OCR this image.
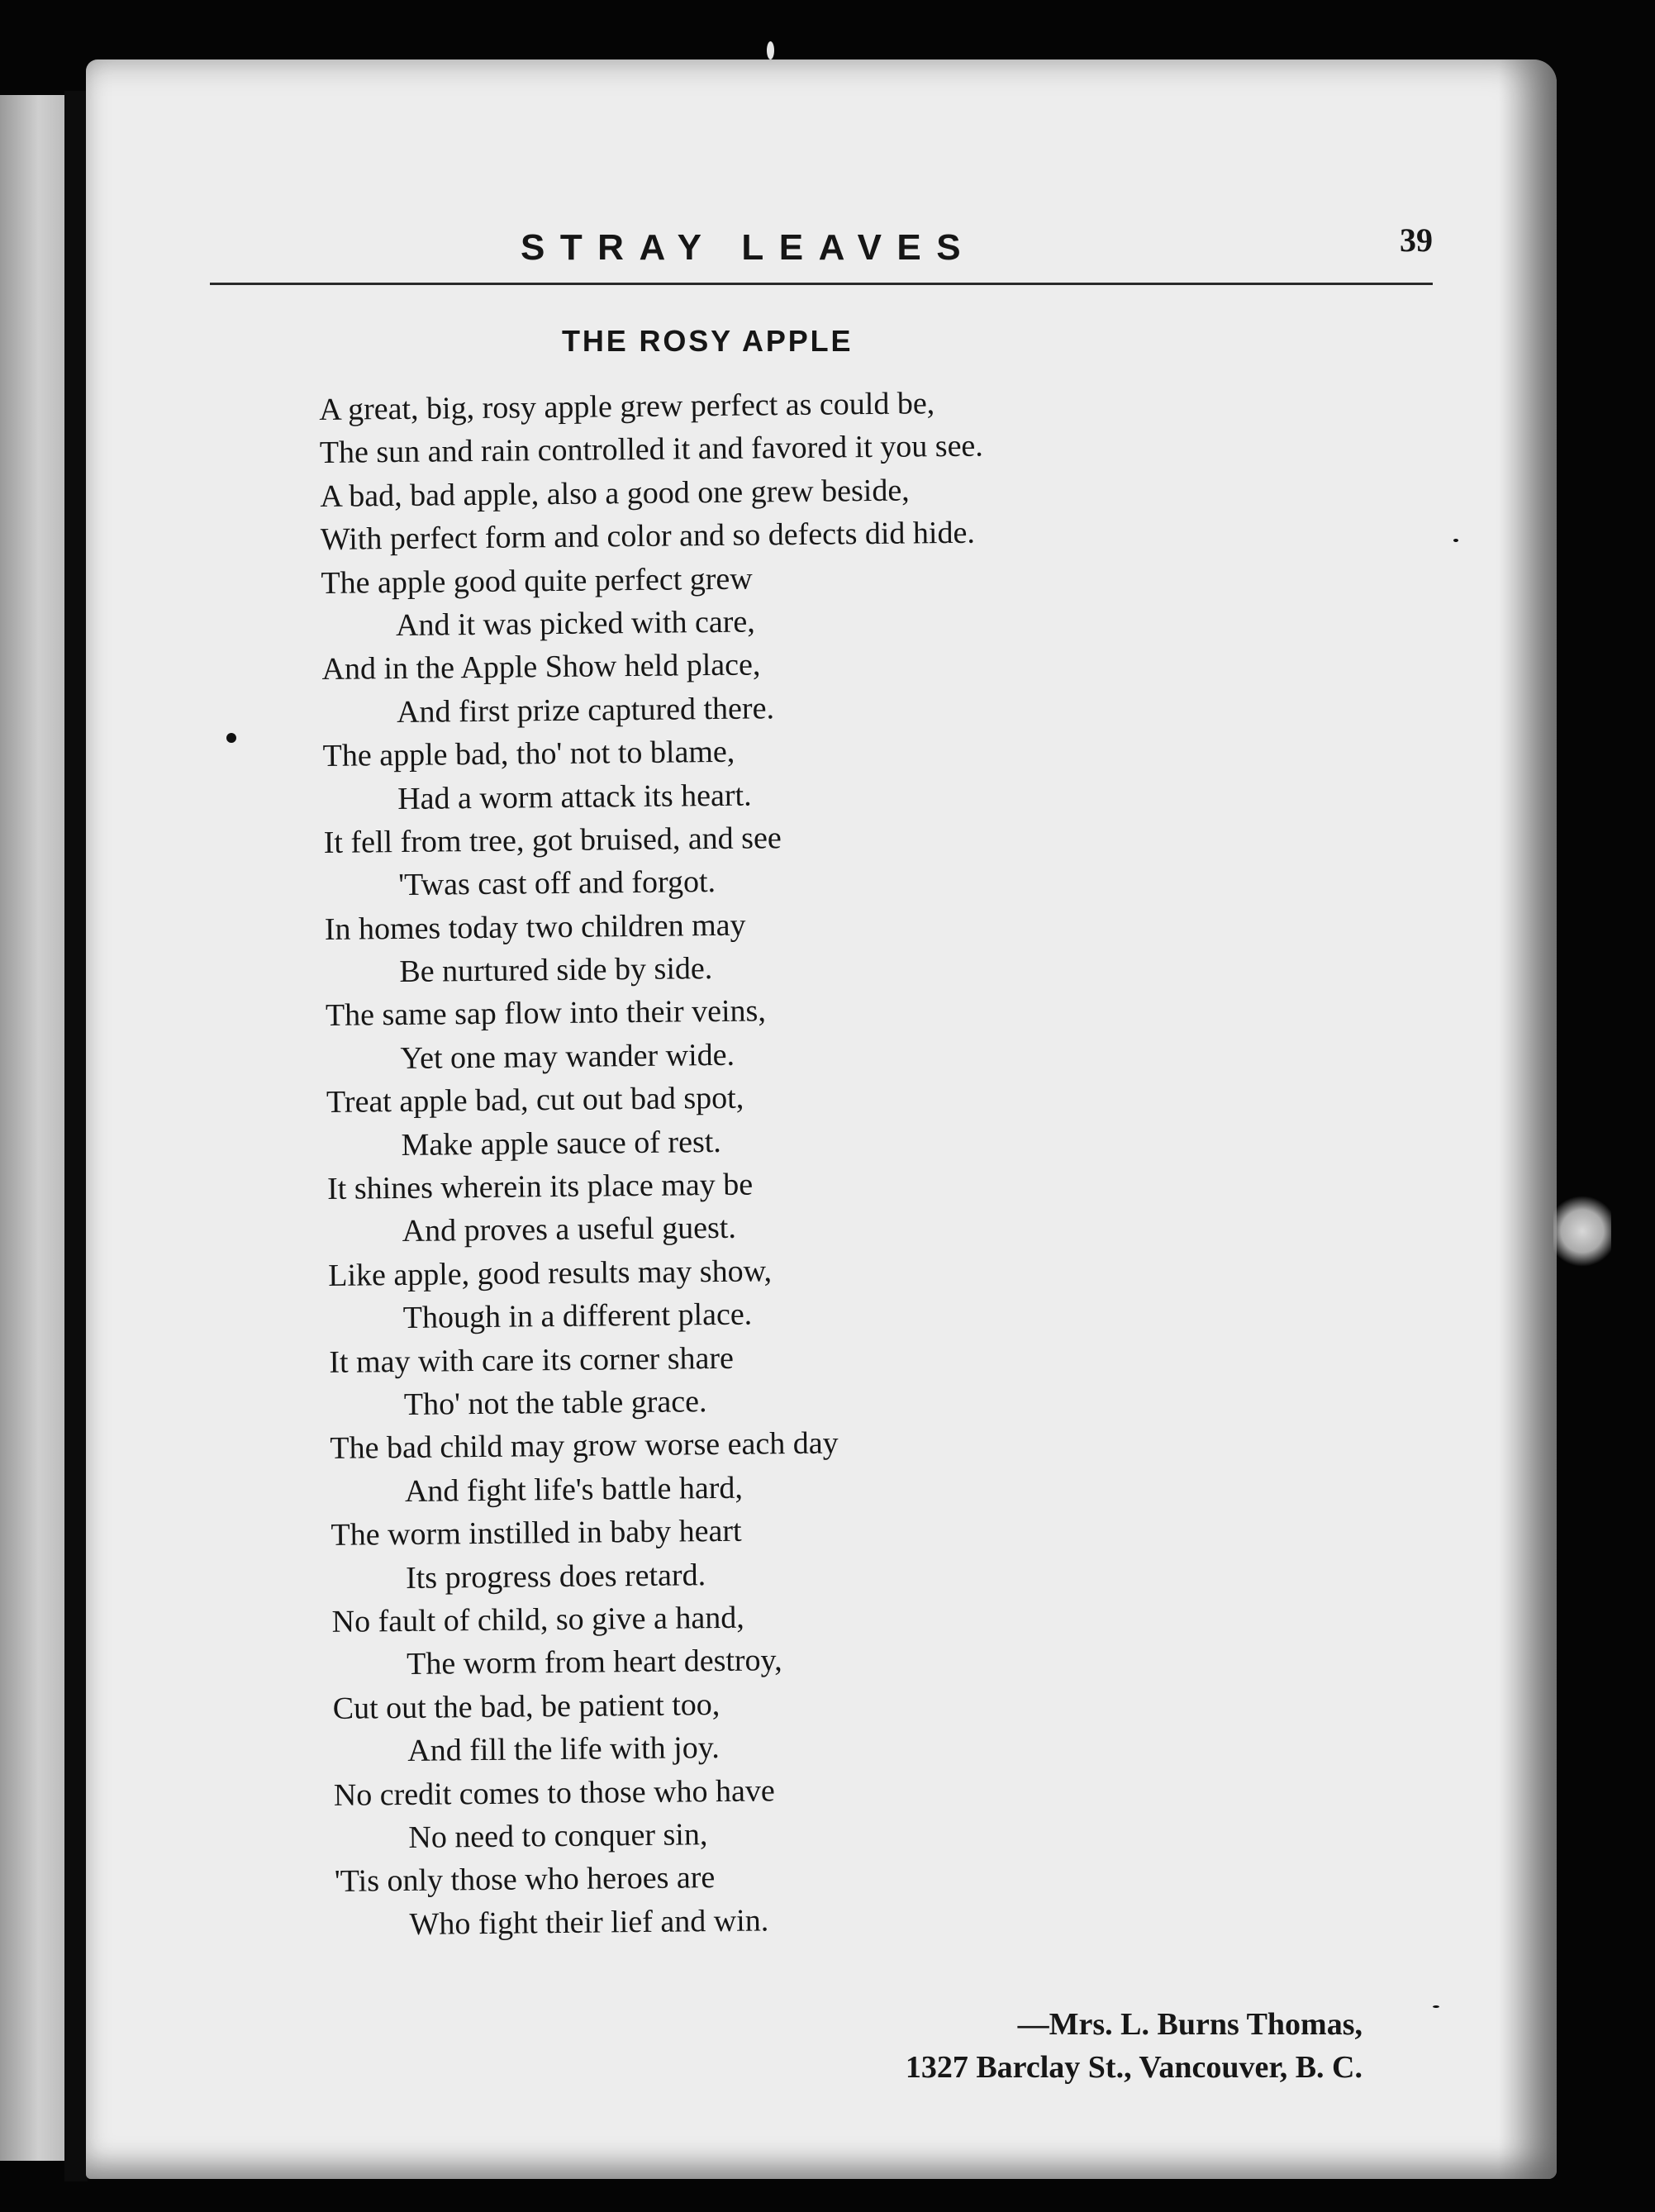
STRAY LEAVES	39
THE ROSY APPLE
A great, big, rosy apple grew perfect as could be,
The sun and rain controlled it and favored it you see.
A bad, bad apple, also a good one grew beside,
With perfect form and color and so defects did hide.
The apple good quite perfect grew
And it was picked with care,
And in the Apple Show held place,
And first prize captured there.
The apple bad, tho' not to blame,
Had a worm attack its heart.
It fell from tree, got bruised, and see
'Twas cast off and forgot.
In homes today two children may
Be nurtured side by side.
The same sap flow into their veins,
Yet one may wander wide.
Treat apple bad, cut out bad spot,
Make apple sauce of rest.
It shines wherein its place may be
And proves a useful guest.
Like apple, good results may show,
Though in a different place.
It may with care its corner share
Tho' not the table grace.
The bad child may grow worse each day
And fight life's battle hard,
The worm instilled in baby heart
Its progress does retard.
No fault of child, so give a hand,
The worm from heart destroy,
Cut out the bad, be patient too,
And fill the life with joy.
No credit comes to those who have
No need to conquer sin,
'Tis only those who heroes are
Who fight their lief and win.
—Mrs. L. Burns Thomas,
1327 Barclay St., Vancouver, B. C.
